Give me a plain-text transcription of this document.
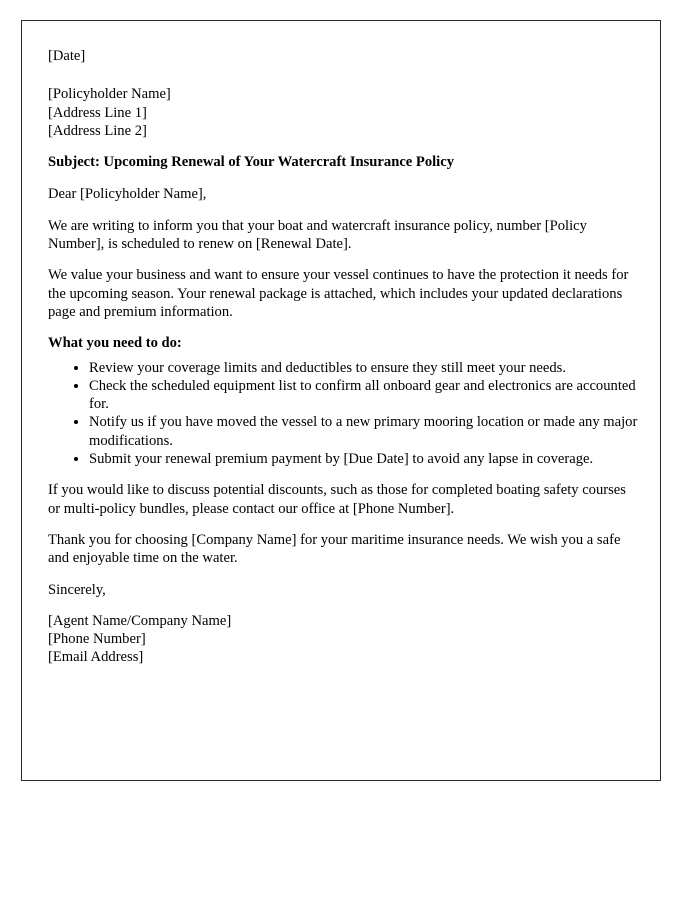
[Date]

[Policyholder Name]

[Address Line 1]

[Address Line 2]

Subject: Upcoming Renewal of Your Watercraft Insurance Policy

Dear [Policyholder Name],

We are writing to inform you that your boat and watercraft insurance policy, number [Policy Number], is scheduled to renew on [Renewal Date].

We value your business and want to ensure your vessel continues to have the protection it needs for the upcoming season. Your renewal package is attached, which includes your updated declarations page and premium information.

What you need to do:

• Review your coverage limits and deductibles to ensure they still meet your needs.
• Check the scheduled equipment list to confirm all onboard gear and electronics are accounted for.
• Notify us if you have moved the vessel to a new primary mooring location or made any major modifications.
• Submit your renewal premium payment by [Due Date] to avoid any lapse in coverage.

If you would like to discuss potential discounts, such as those for completed boating safety courses or multi-policy bundles, please contact our office at [Phone Number].

Thank you for choosing [Company Name] for your maritime insurance needs. We wish you a safe and enjoyable time on the water.

Sincerely,

[Agent Name/Company Name]

[Phone Number]

[Email Address]
